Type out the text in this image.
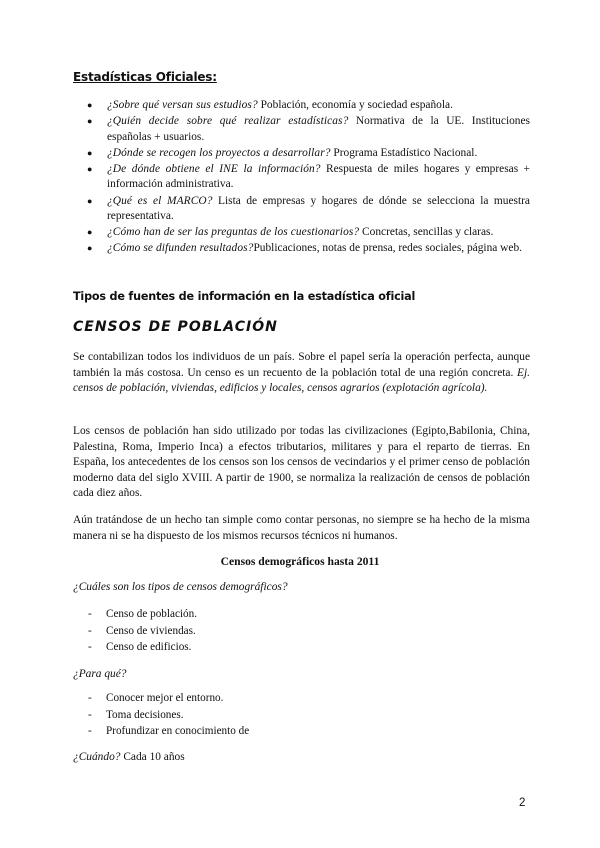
Estadísticas Oficiales:
● ¿Sobre qué versan sus estudios? Población, economía y sociedad española.
● ¿Quién decide sobre qué realizar estadísticas? Normativa de la UE. Instituciones españolas + usuarios.
● ¿Dónde se recogen los proyectos a desarrollar? Programa Estadístico Nacional.
● ¿De dónde obtiene el INE la información? Respuesta de miles hogares y empresas + información administrativa.
● ¿Qué es el MARCO? Lista de empresas y hogares de dónde se selecciona la muestra representativa.
● ¿Cómo han de ser las preguntas de los cuestionarios? Concretas, sencillas y claras.
● ¿Cómo se difunden resultados?Publicaciones, notas de prensa, redes sociales, página web.
Tipos de fuentes de información en la estadística oficial
CENSOS DE POBLACIÓN

Se contabilizan todos los individuos de un país. Sobre el papel sería la operación perfecta, aunque también la más costosa. Un censo es un recuento de la población total de una región concreta. Ej. censos de población, viviendas, edificios y locales, censos agrarios (explotación agrícola).

Los censos de población han sido utilizado por todas las civilizaciones (Egipto,Babilonia, China, Palestina, Roma, Imperio Inca) a efectos tributarios, militares y para el reparto de tierras. En España, los antecedentes de los censos son los censos de vecindarios y el primer censo de población moderno data del siglo XVIII. A partir de 1900, se normaliza la realización de censos de población cada diez años.

Aún tratándose de un hecho tan simple como contar personas, no siempre se ha hecho de la misma manera ni se ha dispuesto de los mismos recursos técnicos ni humanos.

Censos demográficos hasta 2011

¿Cuáles son los tipos de censos demográficos?

- Censo de población.
- Censo de viviendas.
- Censo de edificios.

¿Para qué?

- Conocer mejor el entorno.
- Toma decisiones.
- Profundizar en conocimiento de

¿Cuándo? Cada 10 años

2
